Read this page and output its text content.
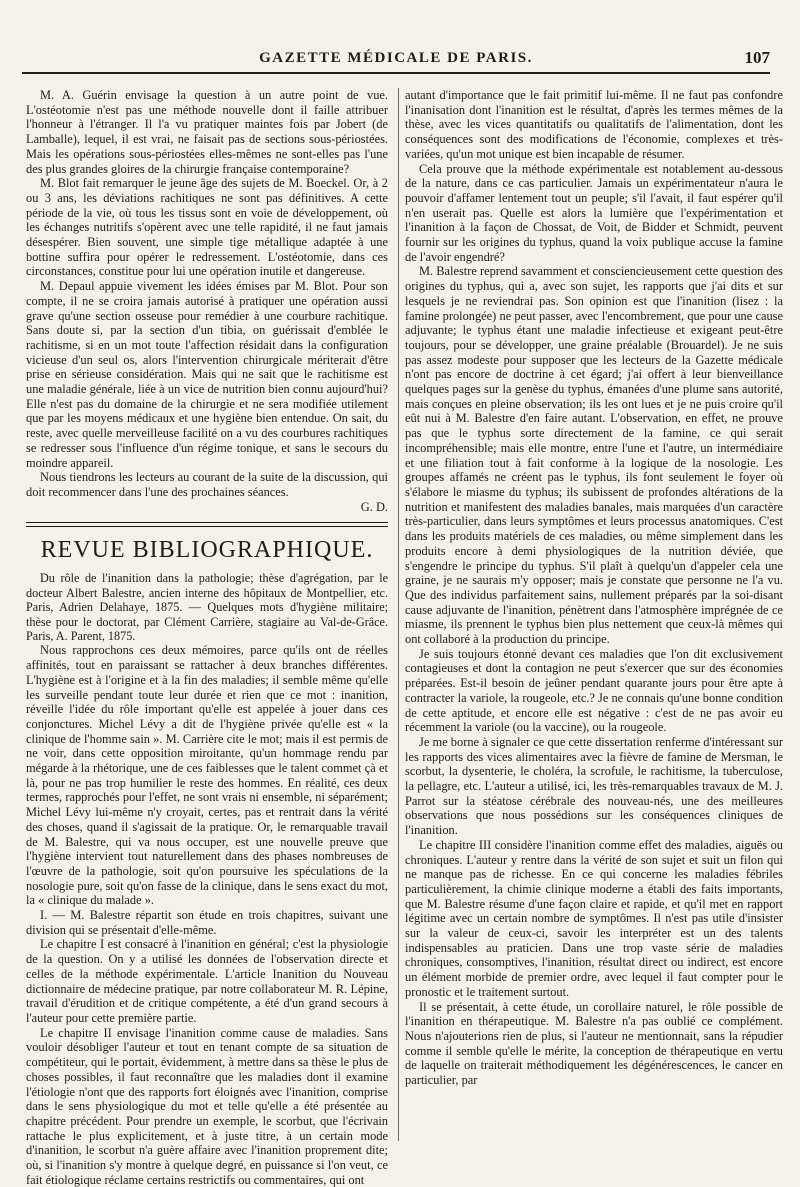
GAZETTE MÉDICALE DE PARIS.	107

M. A. Guérin envisage la question à un autre point de vue. L'ostéotomie n'est pas une méthode nouvelle dont il faille attribuer l'honneur à l'étranger. Il l'a vu pratiquer maintes fois par Jobert (de Lamballe), lequel, il est vrai, ne faisait pas de sections sous-périostées. Mais les opérations sous-périostées elles-mêmes ne sont-elles pas l'une des plus grandes gloires de la chirurgie française contemporaine?

M. Blot fait remarquer le jeune âge des sujets de M. Boeckel. Or, à 2 ou 3 ans, les déviations rachitiques ne sont pas définitives. A cette période de la vie, où tous les tissus sont en voie de développement, où les échanges nutritifs s'opèrent avec une telle rapidité, il ne faut jamais désespérer. Bien souvent, une simple tige métallique adaptée à une bottine suffira pour opérer le redressement. L'ostéotomie, dans ces circonstances, constitue pour lui une opération inutile et dangereuse.

M. Depaul appuie vivement les idées émises par M. Blot. Pour son compte, il ne se croira jamais autorisé à pratiquer une opération aussi grave qu'une section osseuse pour remédier à une courbure rachitique. Sans doute si, par la section d'un tibia, on guérissait d'emblée le rachitisme, si en un mot toute l'affection résidait dans la configuration vicieuse d'un seul os, alors l'intervention chirurgicale mériterait d'être prise en sérieuse considération. Mais qui ne sait que le rachitisme est une maladie générale, liée à un vice de nutrition bien connu aujourd'hui? Elle n'est pas du domaine de la chirurgie et ne sera modifiée utilement que par les moyens médicaux et une hygiène bien entendue. On sait, du reste, avec quelle merveilleuse facilité on a vu des courbures rachitiques se redresser sous l'influence d'un régime tonique, et sans le secours du moindre appareil.

Nous tiendrons les lecteurs au courant de la suite de la discussion, qui doit recommencer dans l'une des prochaines séances.

G. D.

REVUE BIBLIOGRAPHIQUE.

Du rôle de l'inanition dans la pathologie; thèse d'agrégation, par le docteur Albert Balestre, ancien interne des hôpitaux de Montpellier, etc. Paris, Adrien Delahaye, 1875. — Quelques mots d'hygiène militaire; thèse pour le doctorat, par Clément Carrière, stagiaire au Val-de-Grâce. Paris, A. Parent, 1875.

Nous rapprochons ces deux mémoires, parce qu'ils ont de réelles affinités, tout en paraissant se rattacher à deux branches différentes. L'hygiène est à l'origine et à la fin des maladies; il semble même qu'elle les surveille pendant toute leur durée et rien que ce mot : inanition, réveille l'idée du rôle important qu'elle est appelée à jouer dans ces conjonctures. Michel Lévy a dit de l'hygiène privée qu'elle est « la clinique de l'homme sain ». M. Carrière cite le mot; mais il est permis de ne voir, dans cette opposition miroitante, qu'un hommage rendu par mégarde à la rhétorique, une de ces faiblesses que le talent commet çà et là, pour ne pas trop humilier le reste des hommes. En réalité, ces deux termes, rapprochés pour l'effet, ne sont vrais ni ensemble, ni séparément; Michel Lévy lui-même n'y croyait, certes, pas et rentrait dans la vérité des choses, quand il s'agissait de la pratique. Or, le remarquable travail de M. Balestre, qui va nous occuper, est une nouvelle preuve que l'hygiène intervient tout naturellement dans des phases nombreuses de l'œuvre de la pathologie, soit qu'on poursuive les spéculations de la nosologie pure, soit qu'on fasse de la clinique, dans le sens exact du mot, la « clinique du malade ».

I. — M. Balestre répartit son étude en trois chapitres, suivant une division qui se présentait d'elle-même.

Le chapitre I est consacré à l'inanition en général; c'est la physiologie de la question. On y a utilisé les données de l'observation directe et celles de la méthode expérimentale. L'article Inanition du Nouveau dictionnaire de médecine pratique, par notre collaborateur M. R. Lépine, travail d'érudition et de critique compétente, a été d'un grand secours à l'auteur pour cette première partie.

Le chapitre II envisage l'inanition comme cause de maladies. Sans vouloir désobliger l'auteur et tout en tenant compte de sa situation de compétiteur, qui le portait, évidemment, à mettre dans sa thèse le plus de choses possibles, il faut reconnaître que les maladies dont il examine l'étiologie n'ont que des rapports fort éloignés avec l'inanition, comprise dans le sens physiologique du mot et telle qu'elle a été présentée au chapitre précédent. Pour prendre un exemple, le scorbut, que l'écrivain rattache le plus explicitement, et à juste titre, à un certain mode d'inanition, le scorbut n'a guère affaire avec l'inanition proprement dite; où, si l'inanition s'y montre à quelque degré, en puissance si l'on veut, ce fait étiologique réclame certains restrictifs ou commentaires, qui ont

autant d'importance que le fait primitif lui-même. Il ne faut pas confondre l'inanisation dont l'inanition est le résultat, d'après les termes mêmes de la thèse, avec les vices quantitatifs ou qualitatifs de l'alimentation, dont les conséquences sont des modifications de l'économie, complexes et très-variées, qu'un mot unique est bien incapable de résumer.

Cela prouve que la méthode expérimentale est notablement au-dessous de la nature, dans ce cas particulier. Jamais un expérimentateur n'aura le pouvoir d'affamer lentement tout un peuple; s'il l'avait, il faut espérer qu'il n'en userait pas. Quelle est alors la lumière que l'expérimentation et l'inanition à la façon de Chossat, de Voit, de Bidder et Schmidt, peuvent fournir sur les origines du typhus, quand la voix publique accuse la famine de l'avoir engendré?

M. Balestre reprend savamment et consciencieusement cette question des origines du typhus, qui a, avec son sujet, les rapports que j'ai dits et sur lesquels je ne reviendrai pas. Son opinion est que l'inanition (lisez : la famine prolongée) ne peut passer, avec l'encombrement, que pour une cause adjuvante; le typhus étant une maladie infectieuse et exigeant peut-être toujours, pour se développer, une graine préalable (Brouardel). Je ne suis pas assez modeste pour supposer que les lecteurs de la Gazette médicale n'ont pas encore de doctrine à cet égard; j'ai offert à leur bienveillance quelques pages sur la genèse du typhus, émanées d'une plume sans autorité, mais conçues en pleine observation; ils les ont lues et je ne puis croire qu'il eût nui à M. Balestre d'en faire autant. L'observation, en effet, ne prouve pas que le typhus sorte directement de la famine, ce qui serait incompréhensible; mais elle montre, entre l'une et l'autre, un intermédiaire et une filiation tout à fait conforme à la logique de la nosologie. Les groupes affamés ne créent pas le typhus, ils font seulement le foyer où s'élabore le miasme du typhus; ils subissent de profondes altérations de la nutrition et manifestent des maladies banales, mais marquées d'un caractère très-particulier, dans leurs symptômes et leurs processus anatomiques. C'est dans les produits matériels de ces maladies, ou même simplement dans les produits encore à demi physiologiques de la nutrition déviée, que s'engendre le principe du typhus. S'il plaît à quelqu'un d'appeler cela une graine, je ne saurais m'y opposer; mais je constate que personne ne l'a vu. Que des individus parfaitement sains, nullement préparés par la soi-disant cause adjuvante de l'inanition, pénètrent dans l'atmosphère imprégnée de ce miasme, ils prennent le typhus bien plus nettement que ceux-là mêmes qui ont collaboré à la production du principe.

Je suis toujours étonné devant ces maladies que l'on dit exclusivement contagieuses et dont la contagion ne peut s'exercer que sur des économies préparées. Est-il besoin de jeûner pendant quarante jours pour être apte à contracter la variole, la rougeole, etc.? Je ne connais qu'une bonne condition de cette aptitude, et encore elle est négative : c'est de ne pas avoir eu récemment la variole (ou la vaccine), ou la rougeole.

Je me borne à signaler ce que cette dissertation renferme d'intéressant sur les rapports des vices alimentaires avec la fièvre de famine de Mersman, le scorbut, la dysenterie, le choléra, la scrofule, le rachitisme, la tuberculose, la pellagre, etc. L'auteur a utilisé, ici, les très-remarquables travaux de M. J. Parrot sur la stéatose cérébrale des nouveau-nés, une des meilleures observations que nous possédions sur les conséquences cliniques de l'inanition.

Le chapitre III considère l'inanition comme effet des maladies, aiguës ou chroniques. L'auteur y rentre dans la vérité de son sujet et suit un filon qui ne manque pas de richesse. En ce qui concerne les maladies fébriles particulièrement, la chimie clinique moderne a établi des faits importants, que M. Balestre résume d'une façon claire et rapide, et qu'il met en rapport légitime avec un certain nombre de symptômes. Il n'est pas utile d'insister sur la valeur de ceux-ci, savoir les interpréter est un des talents indispensables au praticien. Dans une trop vaste série de maladies chroniques, consomptives, l'inanition, résultat direct ou indirect, est encore un élément morbide de premier ordre, avec lequel il faut compter pour le pronostic et le traitement surtout.

Il se présentait, à cette étude, un corollaire naturel, le rôle possible de l'inanition en thérapeutique. M. Balestre n'a pas oublié ce complément. Nous n'ajouterions rien de plus, si l'auteur ne mentionnait, sans la répudier comme il semble qu'elle le mérite, la conception de thérapeutique en vertu de laquelle on traiterait méthodiquement les dégénérescences, le cancer en particulier, par
